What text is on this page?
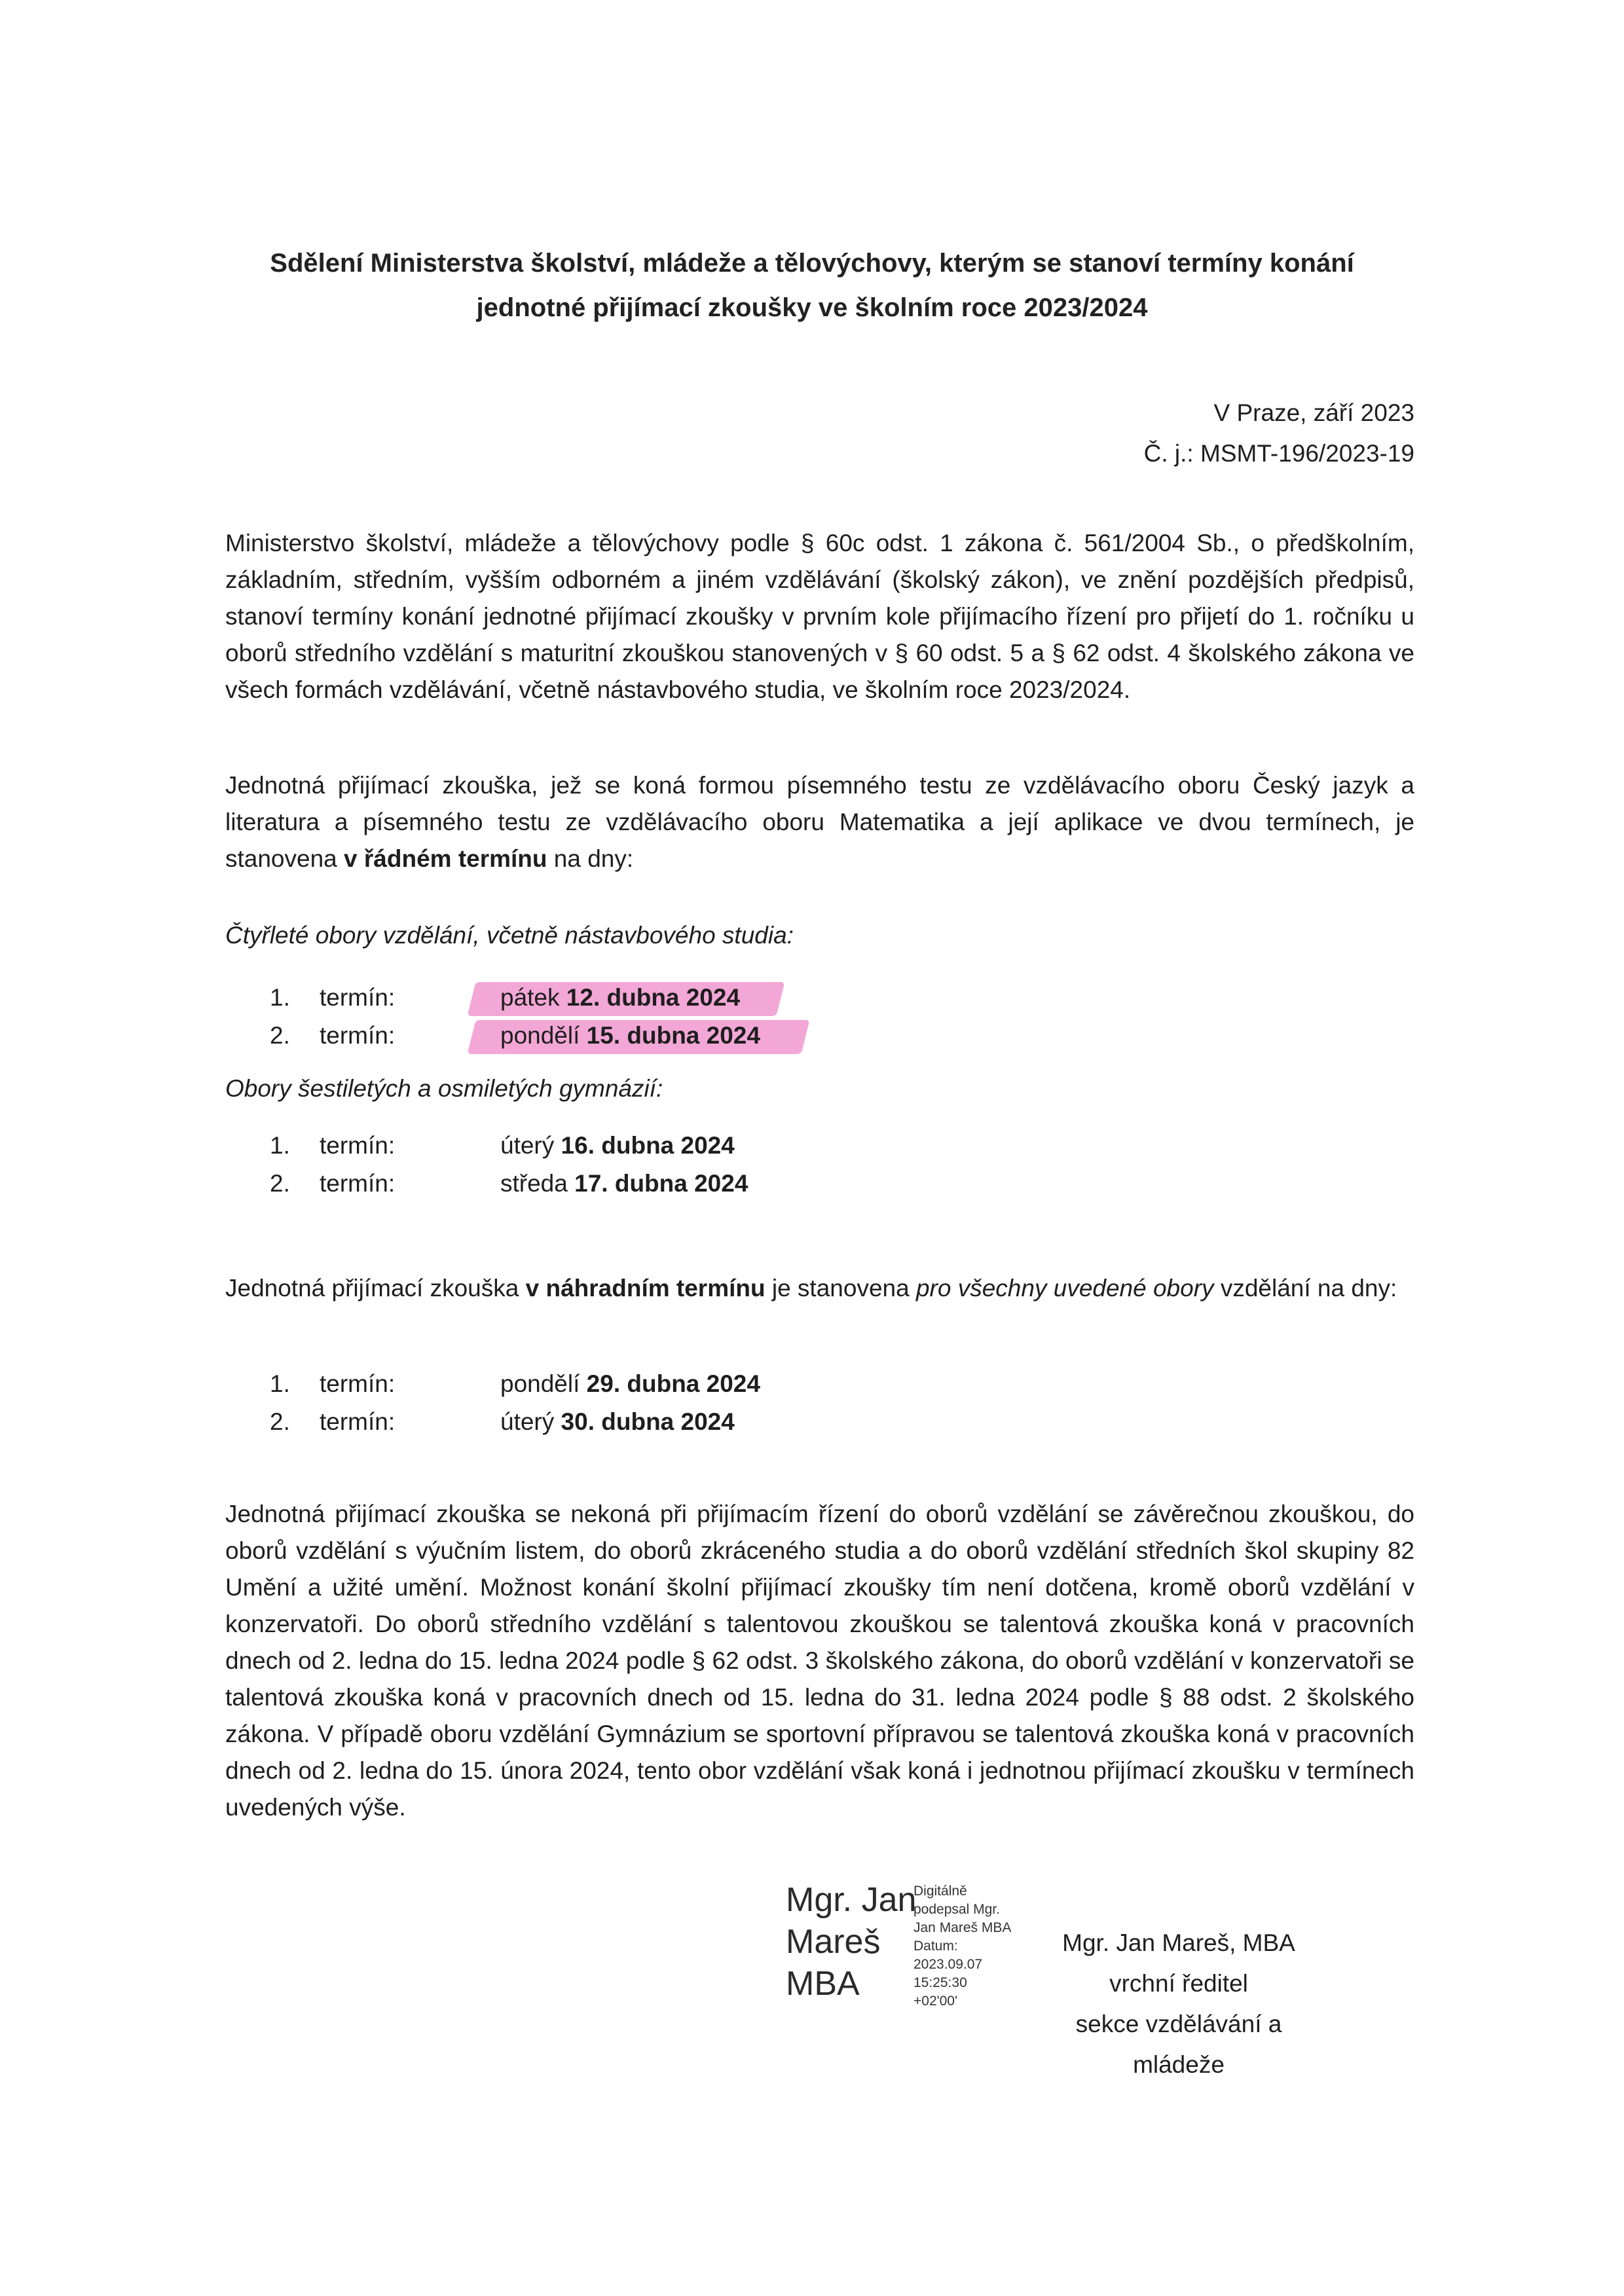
Sdělení Ministerstva školství, mládeže a tělovýchovy, kterým se stanoví termíny konání
jednotné přijímací zkoušky ve školním roce 2023/2024
V Praze, září 2023
Č. j.: MSMT-196/2023-19
Ministerstvo školství, mládeže a tělovýchovy podle § 60c odst. 1 zákona č. 561/2004 Sb., o předškolním, základním, středním, vyšším odborném a jiném vzdělávání (školský zákon), ve znění pozdějších předpisů, stanoví termíny konání jednotné přijímací zkoušky v prvním kole přijímacího řízení pro přijetí do 1. ročníku u oborů středního vzdělání s maturitní zkouškou stanovených v § 60 odst. 5 a § 62 odst. 4 školského zákona ve všech formách vzdělávání, včetně nástavbového studia, ve školním roce 2023/2024.
Jednotná přijímací zkouška, jež se koná formou písemného testu ze vzdělávacího oboru Český jazyk a literatura a písemného testu ze vzdělávacího oboru Matematika a její aplikace ve dvou termínech, je stanovena v řádném termínu na dny:
Čtyřleté obory vzdělání, včetně nástavbového studia:
1. termín:	pátek 12. dubna 2024
2. termín:	pondělí 15. dubna 2024
Obory šestiletých a osmiletých gymnázií:
1. termín:	úterý 16. dubna 2024
2. termín:	středa 17. dubna 2024
Jednotná přijímací zkouška v náhradním termínu je stanovena pro všechny uvedené obory vzdělání na dny:
1. termín:	pondělí 29. dubna 2024
2. termín:	úterý 30. dubna 2024
Jednotná přijímací zkouška se nekoná při přijímacím řízení do oborů vzdělání se závěrečnou zkouškou, do oborů vzdělání s výučním listem, do oborů zkráceného studia a do oborů vzdělání středních škol skupiny 82 Umění a užité umění. Možnost konání školní přijímací zkoušky tím není dotčena, kromě oborů vzdělání v konzervatoři. Do oborů středního vzdělání s talentovou zkouškou se talentová zkouška koná v pracovních dnech od 2. ledna do 15. ledna 2024 podle § 62 odst. 3 školského zákona, do oborů vzdělání v konzervatoři se talentová zkouška koná v pracovních dnech od 15. ledna do 31. ledna 2024 podle § 88 odst. 2 školského zákona. V případě oboru vzdělání Gymnázium se sportovní přípravou se talentová zkouška koná v pracovních dnech od 2. ledna do 15. února 2024, tento obor vzdělání však koná i jednotnou přijímací zkoušku v termínech uvedených výše.
Mgr. Jan
Mareš
MBA
Digitálně
podepsal Mgr.
Jan Mareš MBA
Datum:
2023.09.07
15:25:30
+02'00'
Mgr. Jan Mareš, MBA
vrchní ředitel
sekce vzdělávání a mládeže
